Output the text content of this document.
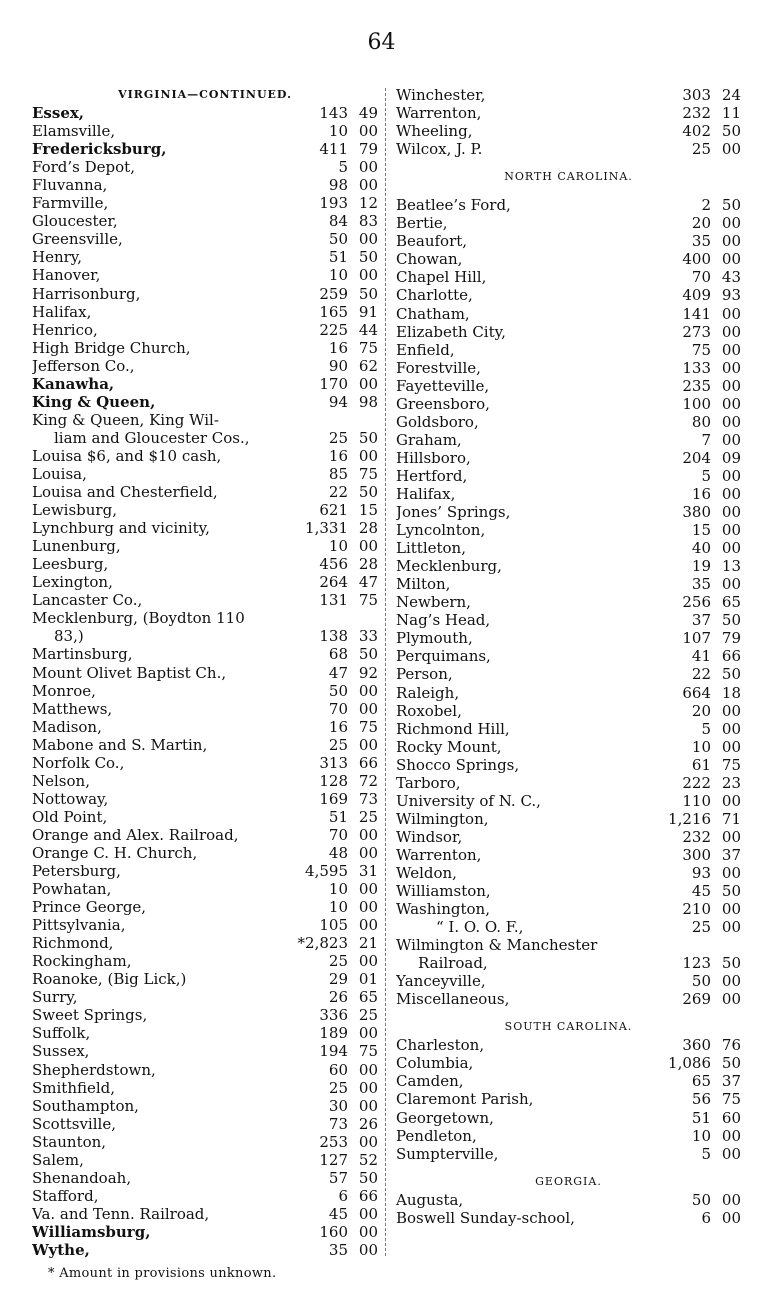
64
VIRGINIA—CONTINUED.
Essex,	143 49
Elamsville,	10 00
Fredericksburg,	411 79
Ford’s Depot,	5 00
Fluvanna,	98 00
Farmville,	193 12
Gloucester,	84 83
Greensville,	50 00
Henry,	51 50
Hanover,	10 00
Harrisonburg,	259 50
Halifax,	165 91
Henrico,	225 44
High Bridge Church,	16 75
Jefferson Co.,	90 62
Kanawha,	170 00
King & Queen,	94 98
King & Queen, King Wil-
liam and Gloucester Cos.,	25 50
Louisa $6, and $10 cash,	16 00
Louisa,	85 75
Louisa and Chesterfield,	22 50
Lewisburg,	621 15
Lynchburg and vicinity,	1,331 28
Lunenburg,	10 00
Leesburg,	456 28
Lexington,	264 47
Lancaster Co.,	131 75
Mecklenburg, (Boydton 110
83,)	138 33
Martinsburg,	68 50
Mount Olivet Baptist Ch.,	47 92
Monroe,	50 00
Matthews,	70 00
Madison,	16 75
Mabone and S. Martin,	25 00
Norfolk Co.,	313 66
Nelson,	128 72
Nottoway,	169 73
Old Point,	51 25
Orange and Alex. Railroad,	70 00
Orange C. H. Church,	48 00
Petersburg,	4,595 31
Powhatan,	10 00
Prince George,	10 00
Pittsylvania,	105 00
Richmond,	*2,823 21
Rockingham,	25 00
Roanoke, (Big Lick,)	29 01
Surry,	26 65
Sweet Springs,	336 25
Suffolk,	189 00
Sussex,	194 75
Shepherdstown,	60 00
Smithfield,	25 00
Southampton,	30 00
Scottsville,	73 26
Staunton,	253 00
Salem,	127 52
Shenandoah,	57 50
Stafford,	6 66
Va. and Tenn. Railroad,	45 00
Williamsburg,	160 00
Wythe,	35 00
Winchester,	303 24
Warrenton,	232 11
Wheeling,	402 50
Wilcox, J. P.	25 00
NORTH CAROLINA.
Beatlee’s Ford,	2 50
Bertie,	20 00
Beaufort,	35 00
Chowan,	400 00
Chapel Hill,	70 43
Charlotte,	409 93
Chatham,	141 00
Elizabeth City,	273 00
Enfield,	75 00
Forestville,	133 00
Fayetteville,	235 00
Greensboro,	100 00
Goldsboro,	80 00
Graham,	7 00
Hillsboro,	204 09
Hertford,	5 00
Halifax,	16 00
Jones’ Springs,	380 00
Lyncolnton,	15 00
Littleton,	40 00
Mecklenburg,	19 13
Milton,	35 00
Newbern,	256 65
Nag’s Head,	37 50
Plymouth,	107 79
Perquimans,	41 66
Person,	22 50
Raleigh,	664 18
Roxobel,	20 00
Richmond Hill,	5 00
Rocky Mount,	10 00
Shocco Springs,	61 75
Tarboro,	222 23
University of N. C.,	110 00
Wilmington,	1,216 71
Windsor,	232 00
Warrenton,	300 37
Weldon,	93 00
Williamston,	45 50
Washington,	210 00
“ I. O. O. F.,	25 00
Wilmington & Manchester
Railroad,	123 50
Yanceyville,	50 00
Miscellaneous,	269 00
SOUTH CAROLINA.
Charleston,	360 76
Columbia,	1,086 50
Camden,	65 37
Claremont Parish,	56 75
Georgetown,	51 60
Pendleton,	10 00
Sumpterville,	5 00
GEORGIA.
Augusta,	50 00
Boswell Sunday-school,	6 00
* Amount in provisions unknown.
